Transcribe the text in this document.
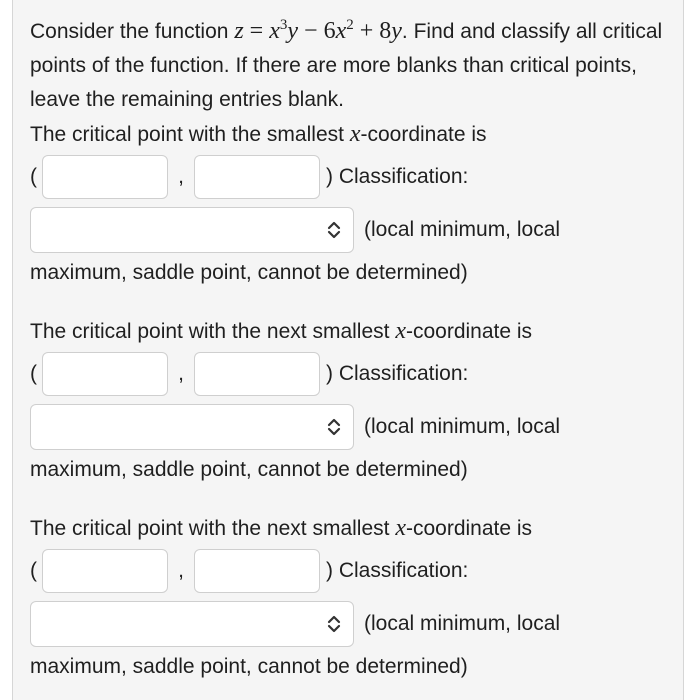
Consider the function $z = x^3y - 6x^2 + 8y$. Find and classify all critical points of the function. If there are more blanks than critical points, leave the remaining entries blank.
The critical point with the smallest x-coordinate is
(	,	) Classification:
(local minimum, local
maximum, saddle point, cannot be determined)
The critical point with the next smallest x-coordinate is
(	,	) Classification:
(local minimum, local
maximum, saddle point, cannot be determined)
The critical point with the next smallest x-coordinate is
(	,	) Classification:
(local minimum, local
maximum, saddle point, cannot be determined)
